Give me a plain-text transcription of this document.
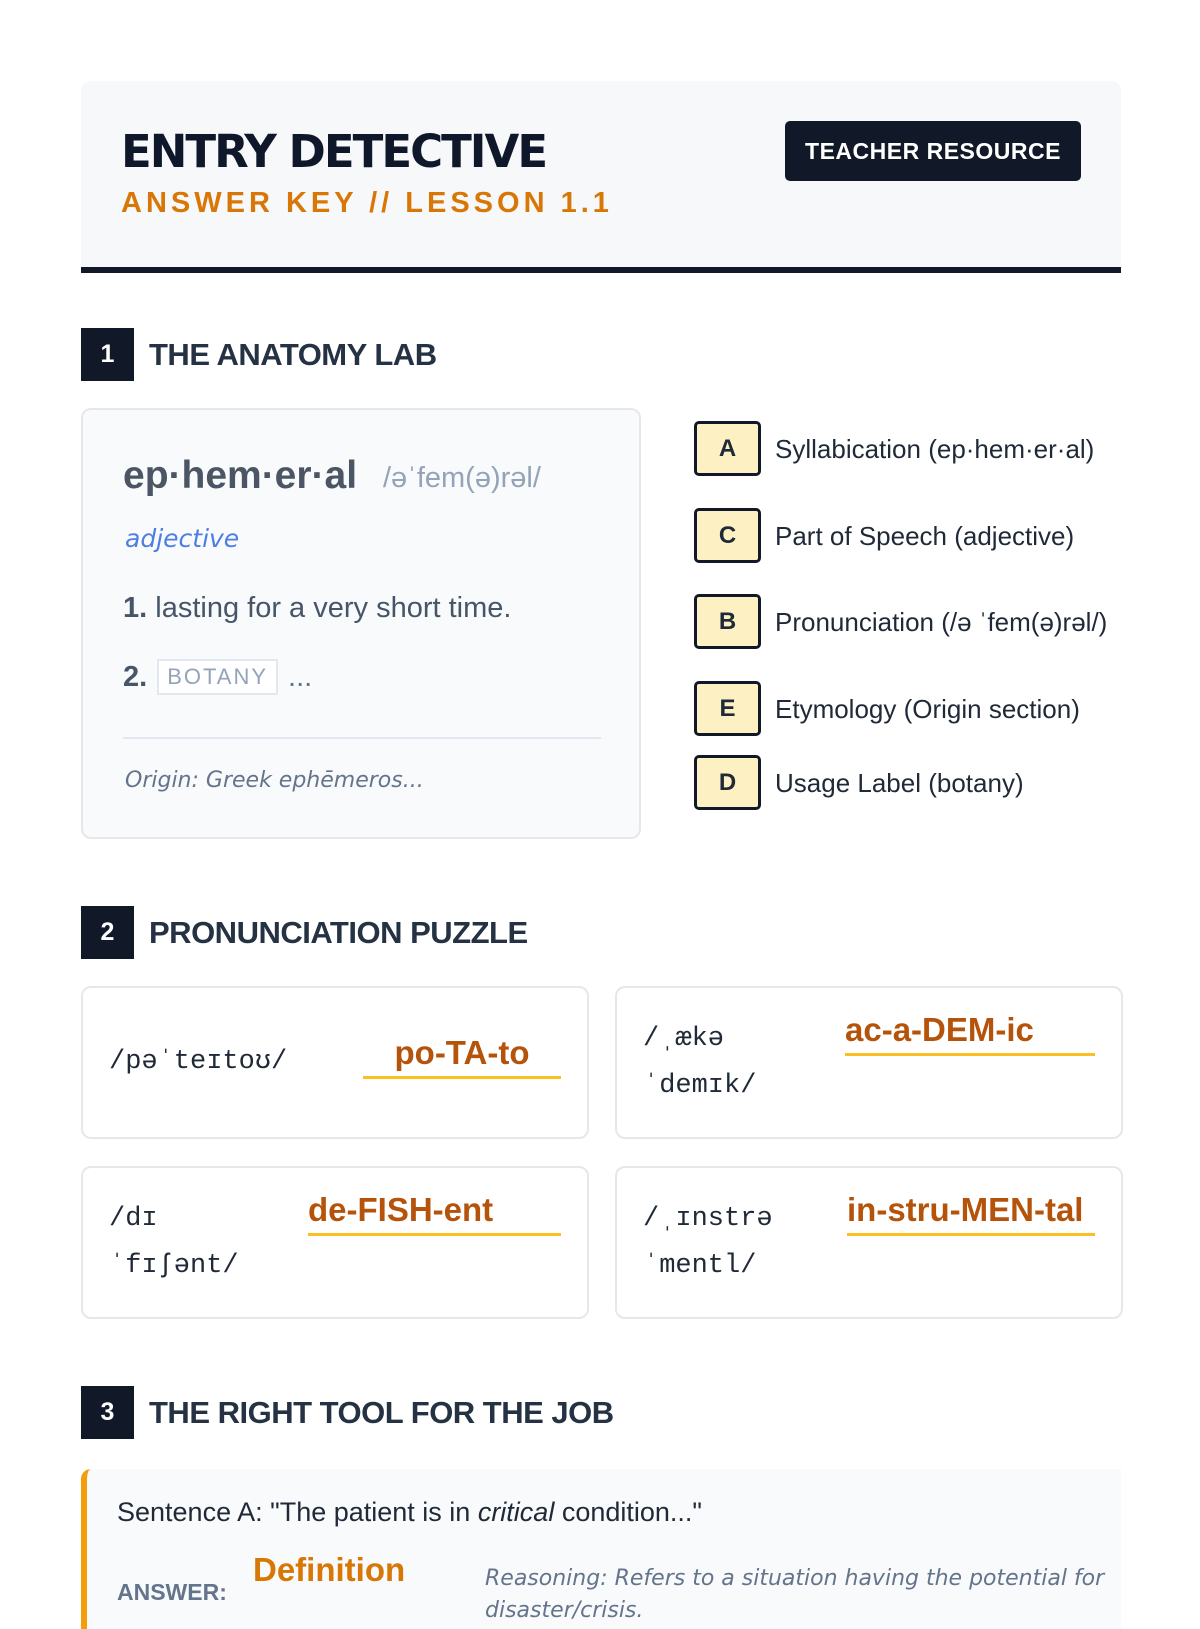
ENTRY DETECTIVE
ANSWER KEY // LESSON 1.1
TEACHER RESOURCE
1	THE ANATOMY LAB
ep·hem·er·al /əˈfem(ə)rəl/
adjective
1. lasting for a very short time.
2. BOTANY ...
Origin: Greek ephēmeros...
A	Syllabication (ep·hem·er·al)
C	Part of Speech (adjective)
B	Pronunciation (/ə ˈfem(ə)rəl/)
E	Etymology (Origin section)
D	Usage Label (botany)
2	PRONUNCIATION PUZZLE
/pəˈteɪtoʊ/	po-TA-to	/ˌækə ˈdemɪk/
ac-a-DEM-ic
/dɪ ˈfɪʃənt/
de-FISH-ent	/ˌɪnstrə ˈmentl/
in-stru-MEN-tal
3	THE RIGHT TOOL FOR THE JOB
Sentence A: "The patient is in critical condition..."
ANSWER:
Definition	Reasoning: Refers to a situation having the potential for disaster/crisis.
